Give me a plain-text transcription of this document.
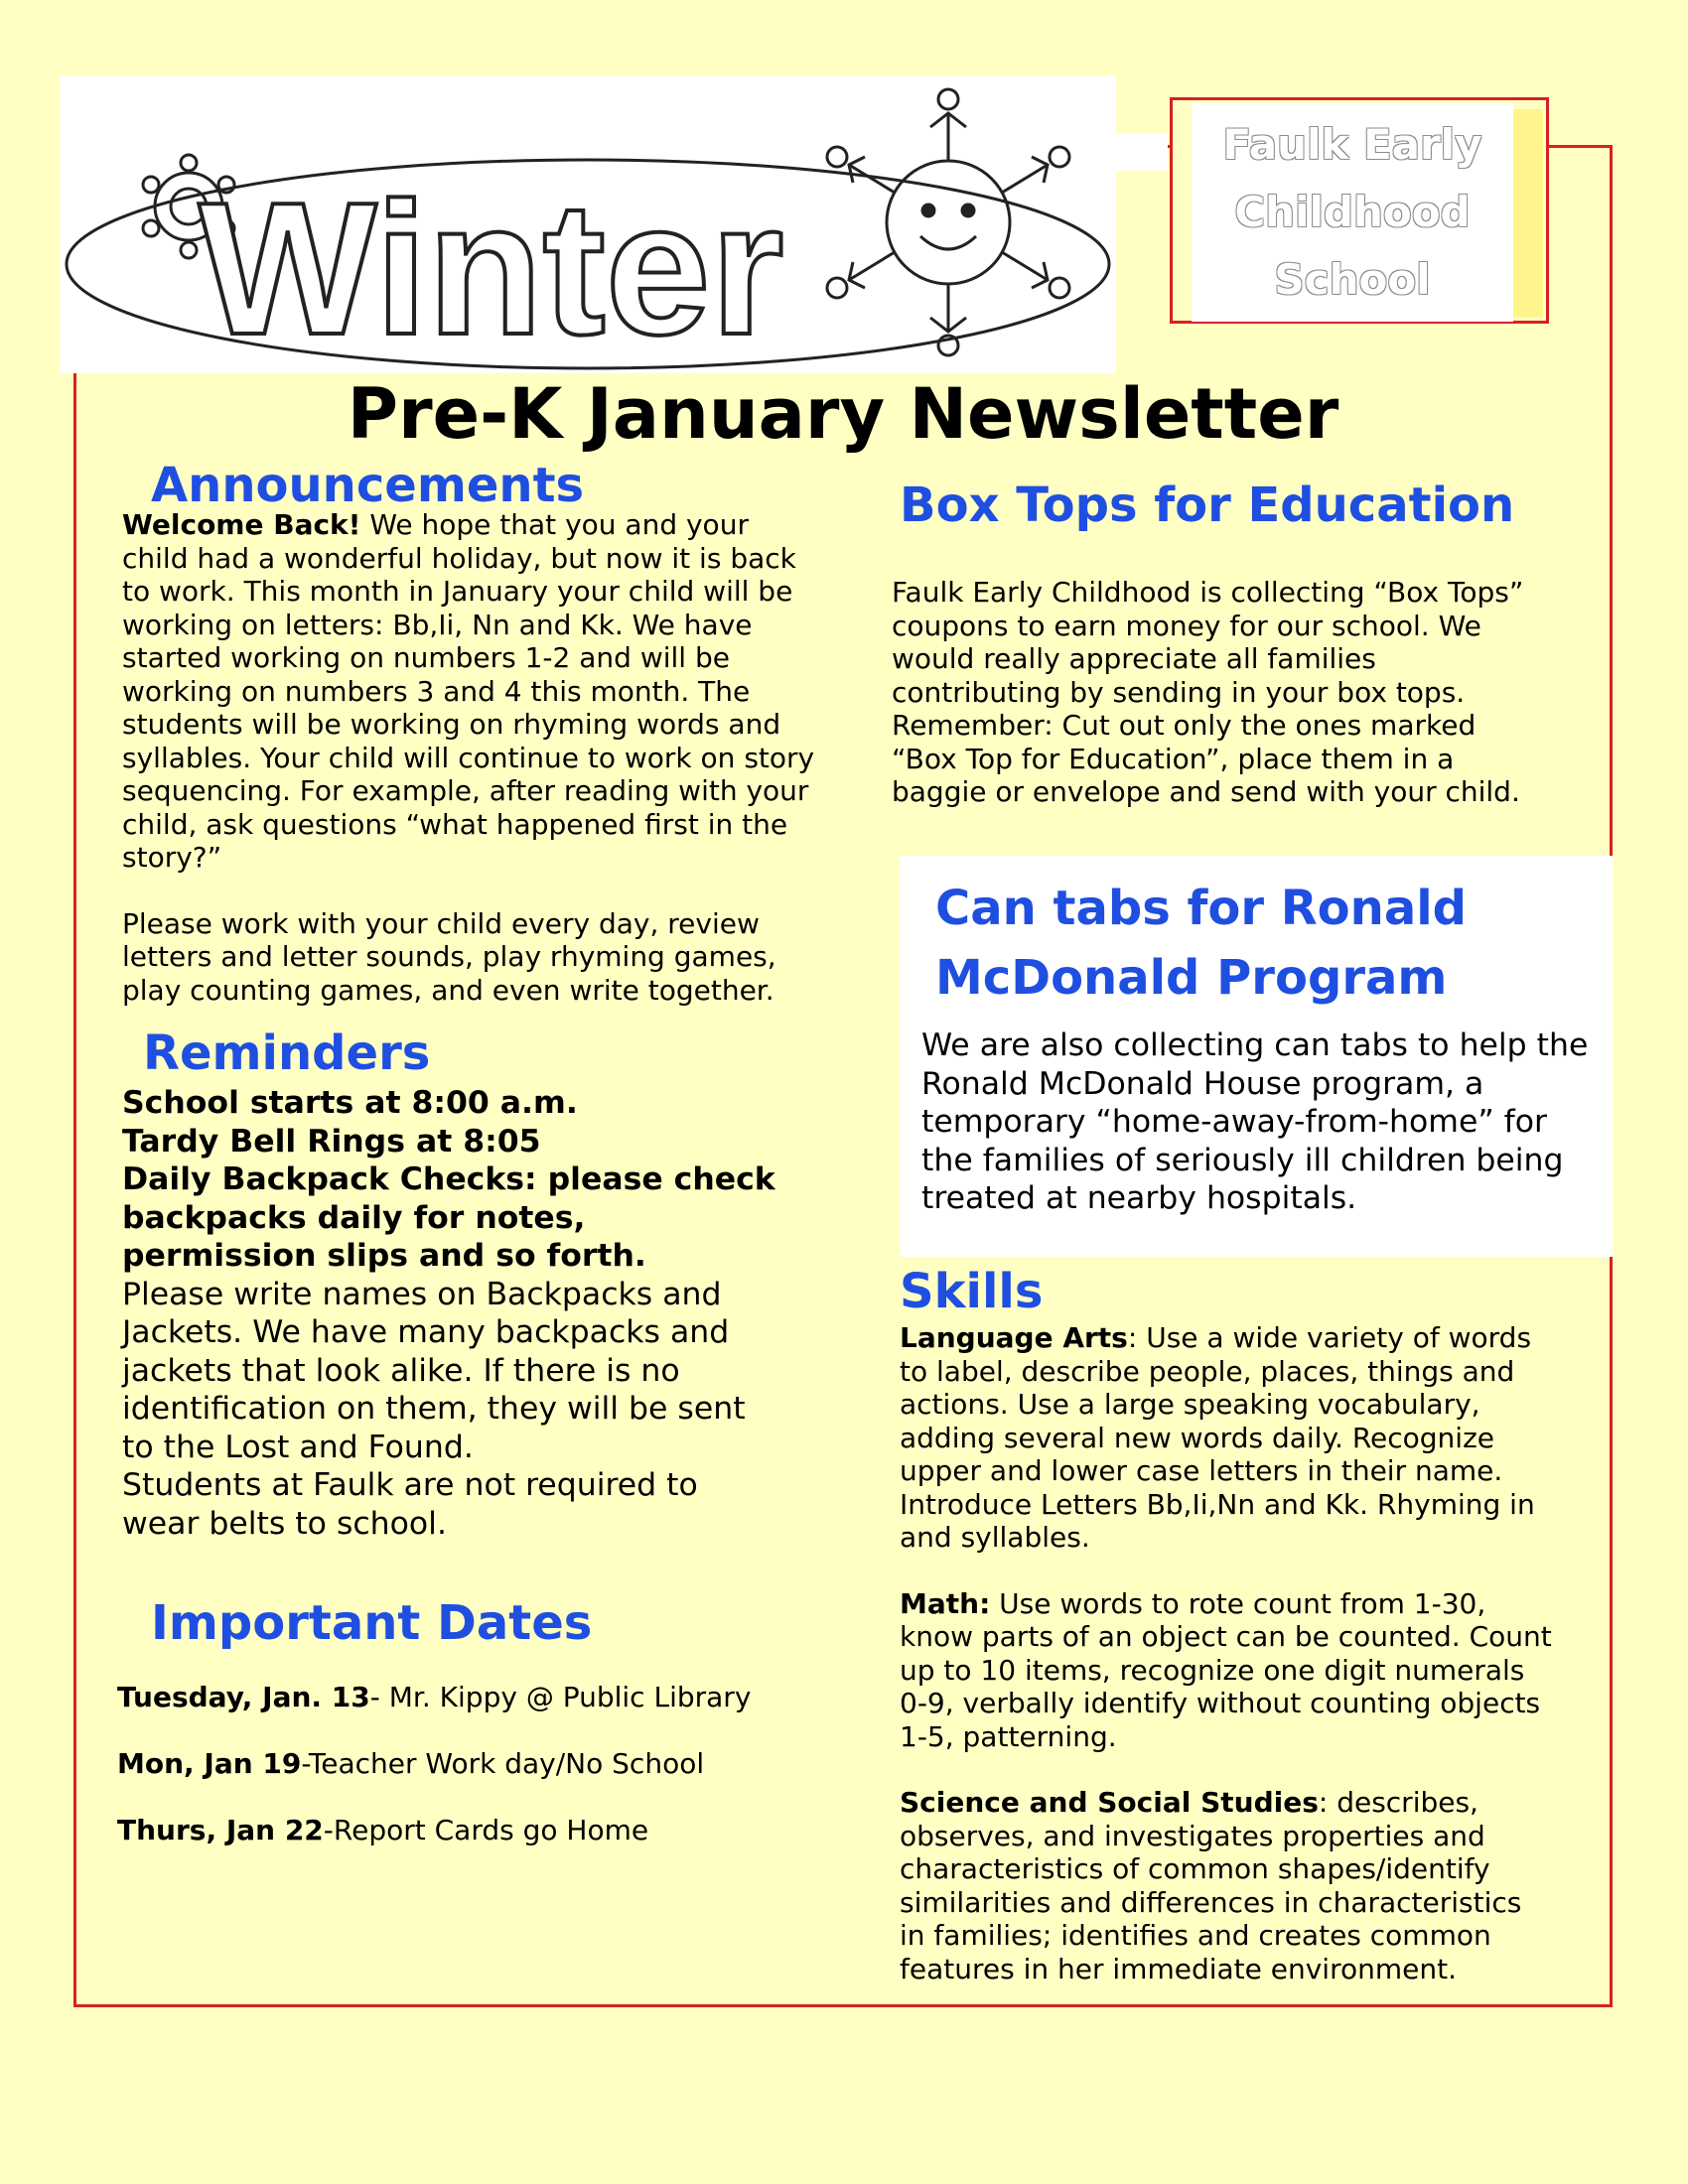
Winter
Faulk Early
Childhood
School
Pre-K January Newsletter
Announcements

Welcome Back! We hope that you and your child had a wonderful holiday, but now it is back to work. This month in January your child will be working on letters: Bb,Ii, Nn and Kk. We have started working on numbers 1-2 and will be working on numbers 3 and 4 this month. The students will be working on rhyming words and syllables. Your child will continue to work on story sequencing. For example, after reading with your child, ask questions “what happened first in the story?”

Please work with your child every day, review letters and letter sounds, play rhyming games, play counting games, and even write together.

Reminders

School starts at 8:00 a.m.

Tardy Bell Rings at 8:05

Daily Backpack Checks: please check backpacks daily for notes, permission slips and so forth.

Please write names on Backpacks and Jackets. We have many backpacks and jackets that look alike. If there is no identification on them, they will be sent to the Lost and Found.

Students at Faulk are not required to wear belts to school.

Important Dates
Tuesday, Jan. 13- Mr. Kippy @ Public Library
Mon, Jan 19-Teacher Work day/No School
Thurs, Jan 22-Report Cards go Home
Box Tops for Education
Faulk Early Childhood is collecting “Box Tops” coupons to earn money for our school. We would really appreciate all families contributing by sending in your box tops. Remember: Cut out only the ones marked “Box Top for Education”, place them in a baggie or envelope and send with your child.
Can tabs for Ronald
McDonald Program
We are also collecting can tabs to help the Ronald McDonald House program, a temporary “home-away-from-home” for the families of seriously ill children being treated at nearby hospitals.
Skills

Language Arts: Use a wide variety of words to label, describe people, places, things and actions. Use a large speaking vocabulary, adding several new words daily. Recognize upper and lower case letters in their name. Introduce Letters Bb,Ii,Nn and Kk. Rhyming in and syllables.

Math: Use words to rote count from 1-30, know parts of an object can be counted. Count up to 10 items, recognize one digit numerals 0-9, verbally identify without counting objects 1-5, patterning.

Science and Social Studies: describes, observes, and investigates properties and characteristics of common shapes/identify similarities and differences in characteristics in families; identifies and creates common features in her immediate environment.
